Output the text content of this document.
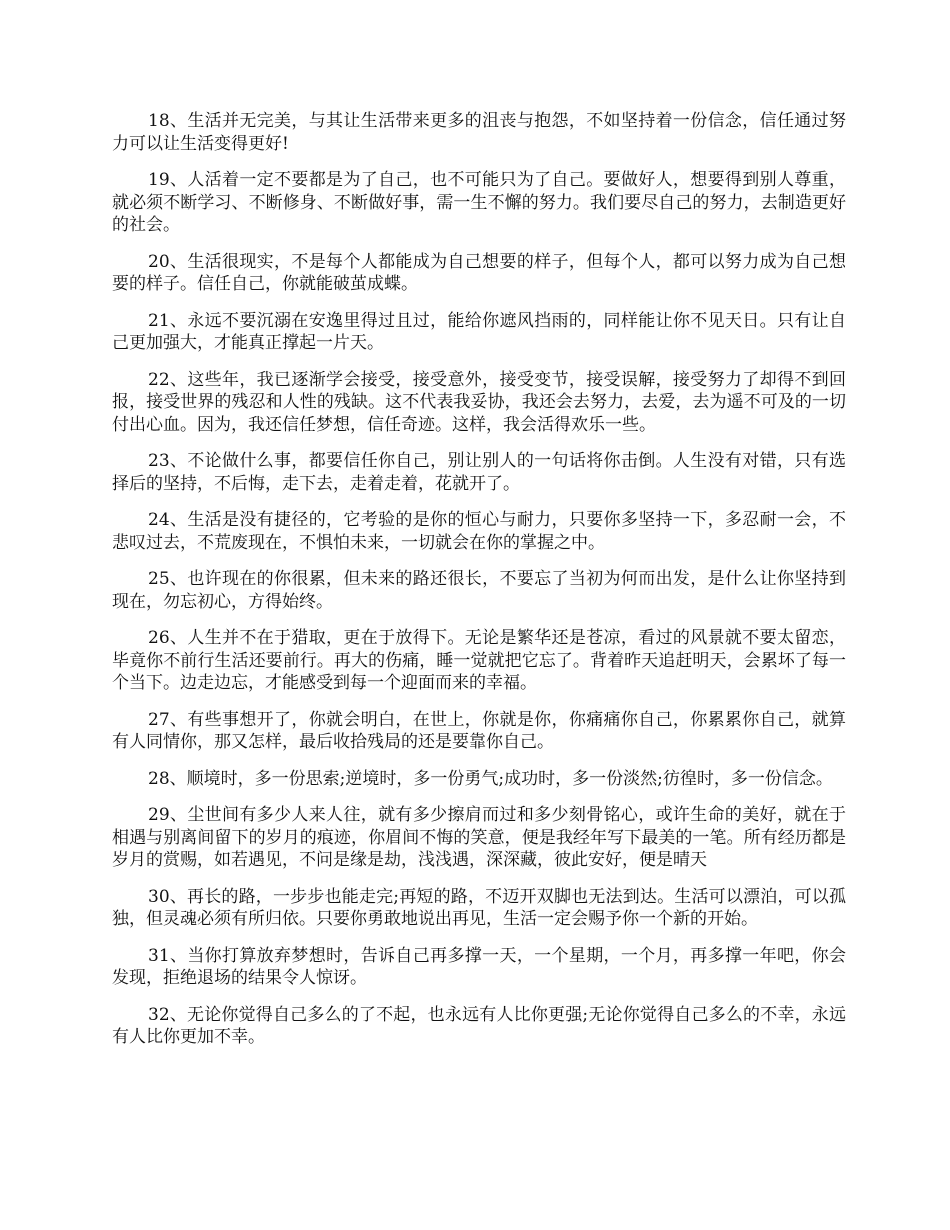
18、生活并无完美，与其让生活带来更多的沮丧与抱怨，不如坚持着一份信念，信任通过努力可以让生活变得更好!

19、人活着一定不要都是为了自己，也不可能只为了自己。要做好人，想要得到别人尊重，就必须不断学习、不断修身、不断做好事，需一生不懈的努力。我们要尽自己的努力，去制造更好的社会。

20、生活很现实，不是每个人都能成为自己想要的样子，但每个人，都可以努力成为自己想要的样子。信任自己，你就能破茧成蝶。

21、永远不要沉溺在安逸里得过且过，能给你遮风挡雨的，同样能让你不见天日。只有让自己更加强大，才能真正撑起一片天。

22、这些年，我已逐渐学会接受，接受意外，接受变节，接受误解，接受努力了却得不到回报，接受世界的残忍和人性的残缺。这不代表我妥协，我还会去努力，去爱，去为遥不可及的一切付出心血。因为，我还信任梦想，信任奇迹。这样，我会活得欢乐一些。

23、不论做什么事，都要信任你自己，别让别人的一句话将你击倒。人生没有对错，只有选择后的坚持，不后悔，走下去，走着走着，花就开了。

24、生活是没有捷径的，它考验的是你的恒心与耐力，只要你多坚持一下，多忍耐一会，不悲叹过去，不荒废现在，不惧怕未来，一切就会在你的掌握之中。

25、也许现在的你很累，但未来的路还很长，不要忘了当初为何而出发，是什么让你坚持到现在，勿忘初心，方得始终。

26、人生并不在于猎取，更在于放得下。无论是繁华还是苍凉，看过的风景就不要太留恋，毕竟你不前行生活还要前行。再大的伤痛，睡一觉就把它忘了。背着昨天追赶明天，会累坏了每一个当下。边走边忘，才能感受到每一个迎面而来的幸福。

27、有些事想开了，你就会明白，在世上，你就是你，你痛痛你自己，你累累你自己，就算有人同情你，那又怎样，最后收拾残局的还是要靠你自己。

28、顺境时，多一份思索;逆境时，多一份勇气;成功时，多一份淡然;彷徨时，多一份信念。

29、尘世间有多少人来人往，就有多少擦肩而过和多少刻骨铭心，或许生命的美好，就在于相遇与别离间留下的岁月的痕迹，你眉间不悔的笑意，便是我经年写下最美的一笔。所有经历都是岁月的赏赐，如若遇见，不问是缘是劫，浅浅遇，深深藏，彼此安好，便是晴天

30、再长的路，一步步也能走完;再短的路，不迈开双脚也无法到达。生活可以漂泊，可以孤独，但灵魂必须有所归依。只要你勇敢地说出再见，生活一定会赐予你一个新的开始。

31、当你打算放弃梦想时，告诉自己再多撑一天，一个星期，一个月，再多撑一年吧，你会发现，拒绝退场的结果令人惊讶。

32、无论你觉得自己多么的了不起，也永远有人比你更强;无论你觉得自己多么的不幸，永远有人比你更加不幸。
